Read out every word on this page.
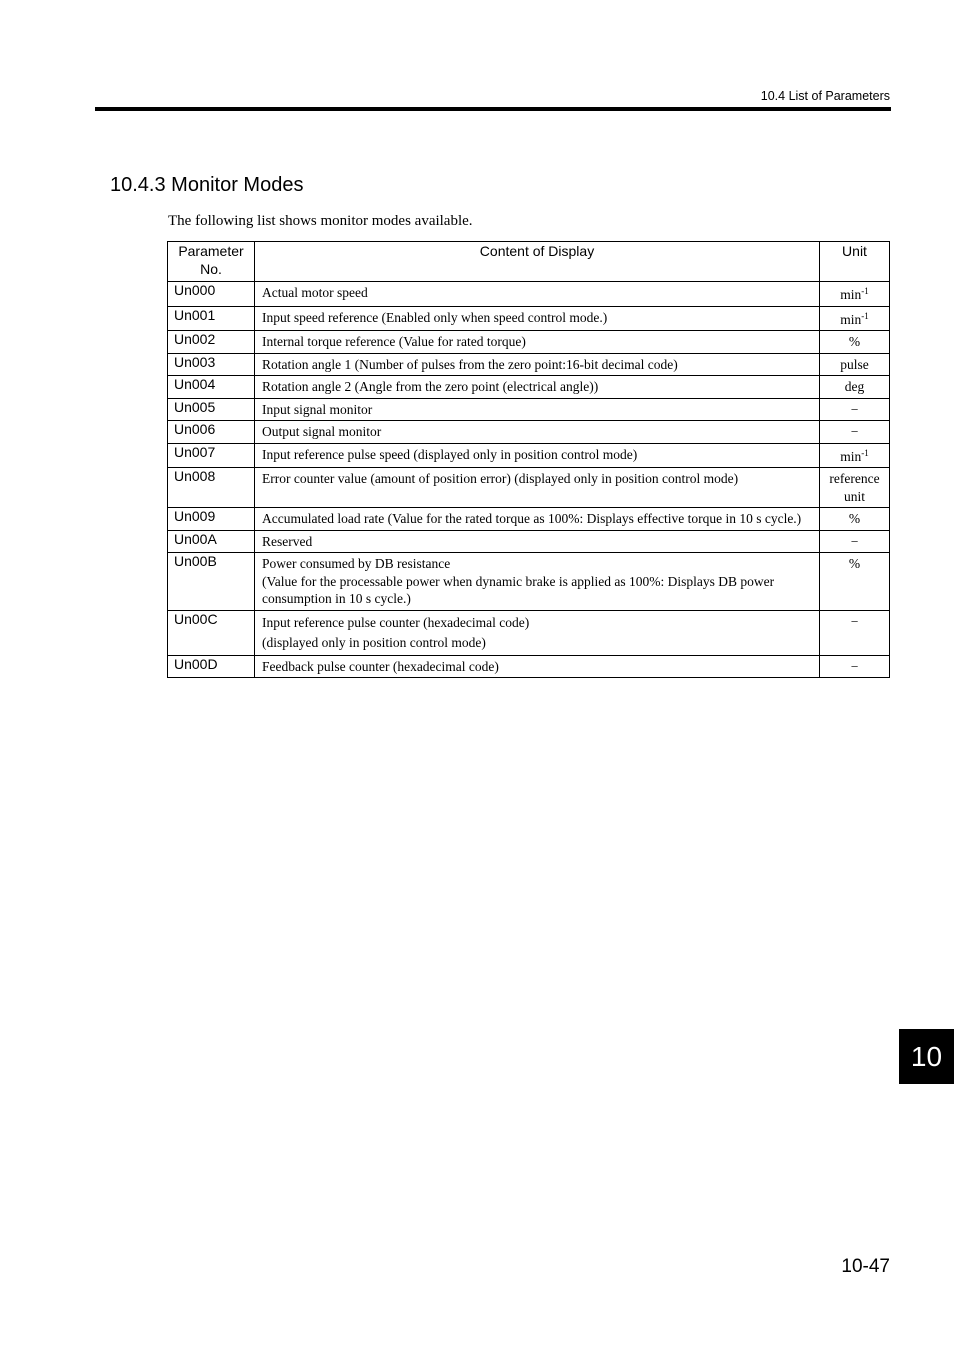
10.4 List of Parameters
10.4.3 Monitor Modes

The following list shows monitor modes available.

Parameter
No.	Content of Display	Unit
Un000	Actual motor speed	$\min^{-1}$
Un001	Input speed reference (Enabled only when speed control mode.)	$\min^{-1}$
Un002	Internal torque reference (Value for rated torque)	%
Un003	Rotation angle 1 (Number of pulses from the zero point:16-bit decimal code)	pulse
Un004	Rotation angle 2 (Angle from the zero point (electrical angle))	deg
Un005	Input signal monitor	−
Un006	Output signal monitor	−
Un007	Input reference pulse speed (displayed only in position control mode)	$\min^{-1}$
Un008	Error counter value (amount of position error) (displayed only in position control mode)	reference
unit

Un009	Accumulated load rate (Value for the rated torque as 100%: Displays effective torque in 10 s cycle.)	%
Un00A	Reserved	−
Un00B	Power consumed by DB resistance
(Value for the processable power when dynamic brake is applied as 100%: Displays DB power consumption in 10 s cycle.)	%
Un00C	Input reference pulse counter (hexadecimal code)
(displayed only in position control mode)	−
Un00D	Feedback pulse counter (hexadecimal code)	−
10
10-47
